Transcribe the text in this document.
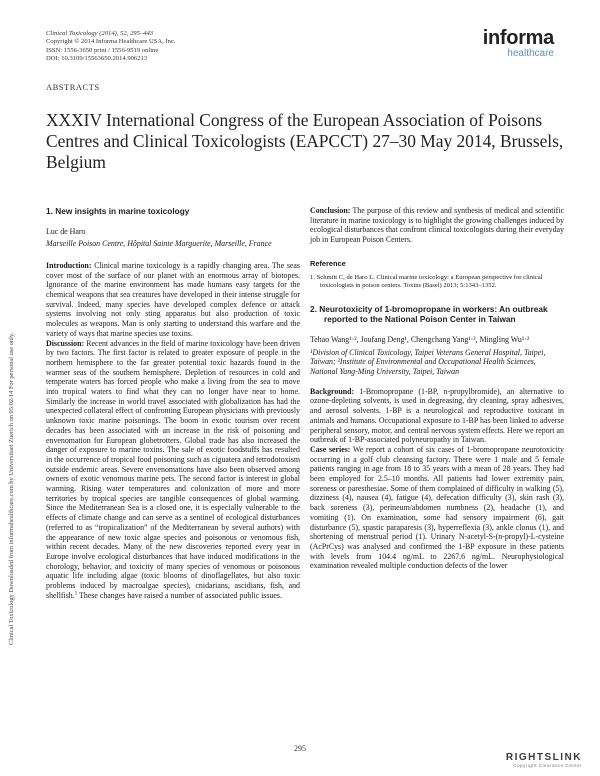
Clinical Toxicology (2014), 52, 295–443
Copyright © 2014 Informa Healthcare USA, Inc.
ISSN: 1556-3650 print / 1556-9519 online
DOI: 10.3109/15563650.2014.906213
informa
healthcare
ABSTRACTS
XXXIV International Congress of the European Association of Poisons Centres and Clinical Toxicologists (EAPCCT) 27–30 May 2014, Brussels, Belgium
Clinical Toxicology Downloaded from informahealthcare.com by Universitaet Zuerich on 05/02/14 For personal use only.
1. New insights in marine toxicology
Luc de Haro
Marseille Poison Centre, Hôpital Sainte Marguerite, Marseille, France

Introduction: Clinical marine toxicology is a rapidly changing area. The seas cover most of the surface of our planet with an enormous array of biotopes. Ignorance of the marine environment has made humans easy targets for the chemical weapons that sea creatures have developed in their intense struggle for survival. Indeed, many species have developed complex defence or attack systems involving not only sting apparatus but also production of toxic molecules as weapons. Man is only starting to understand this warfare and the variety of ways that marine species use toxins.

Discussion: Recent advances in the field of marine toxicology have been driven by two factors. The first factor is related to greater exposure of people in the northern hemisphere to the far greater potential toxic hazards found in the warmer seas of the southern hemisphere. Depletion of resources in cold and temperate waters has forced people who make a living from the sea to move into tropical waters to find what they can no longer have near to home. Similarly the increase in world travel associated with globalization has had the unexpected collateral effect of confronting European physicians with previously unknown toxic marine poisonings. The boom in exotic tourism over recent decades has been associated with an increase in the risk of poisoning and envenomation for European globetrotters. Global trade has also increased the danger of exposure to marine toxins. The sale of exotic foodstuffs has resulted in the occurrence of tropical food poisoning such as ciguatera and tetrodotoxism outside endemic areas. Severe envenomations have also been observed among owners of exotic venomous marine pets. The second factor is interest in global warming. Rising water temperatures and colonization of more and more territories by tropical species are tangible consequences of global warming. Since the Mediterranean Sea is a closed one, it is especially vulnerable to the effects of climate change and can serve as a sentinel of ecological disturbances (referred to as “tropicalization” of the Mediterranean by several authors) with the appearance of new toxic algae species and poisonous or venomous fish, within recent decades. Many of the new discoveries reported every year in Europe involve ecological disturbances that have induced modifications in the chorology, behavior, and toxicity of many species of venomous or poisonous aquatic life including algae (toxic blooms of dinoflagellates, but also toxic problems induced by macroalgae species), cnidarians, ascidians, fish, and shellfish.$^1$ These changes have raised a number of associated public issues.

Conclusion: The purpose of this review and synthesis of medical and scientific literature in marine toxicology is to highlight the growing challenges induced by ecological disturbances that confront clinical toxicologists during their everyday job in European Poison Centers.

Reference
1. Schmitt C, de Haro L. Clinical marine toxicology: a European perspective for clinical toxicologists in poison centers. Toxins (Basel) 2013; 5:1343–1352.
2. Neurotoxicity of 1-bromopropane in workers: An outbreak reported to the National Poison Center in Taiwan
Tehao Wang¹·², Joufang Deng¹, Chengchang Yang¹·², Mingling Wu¹·²
¹Division of Clinical Toxicology, Taipei Veterans General Hospital, Taipei, Taiwan; ²Institute of Environmental and Occupational Health Sciences, National Yang-Ming University, Taipei, Taiwan

Background: 1-Bromopropane (1-BP, n-propylbromide), an alternative to ozone-depleting solvents, is used in degreasing, dry cleaning, spray adhesives, and aerosol solvents. 1-BP is a neurological and reproductive toxicant in animals and humans. Occupational exposure to 1-BP has been linked to adverse peripheral sensory, motor, and central nervous system effects. Here we report an outbreak of 1-BP-associated polyneuropathy in Taiwan.

Case series: We report a cohort of six cases of 1-bromopropane neurotoxicity occurring in a golf club cleansing factory. There were 1 male and 5 female patients ranging in age from 18 to 35 years with a mean of 28 years. They had been employed for 2.5–10 months. All patients had lower extremity pain, soreness or paresthesiae. Some of them complained of difficulty in walking (5), dizziness (4), nausea (4), fatigue (4), defecation difficulty (3), skin rash (3), back soreness (3), perineum/abdomen numbness (2), headache (1), and vomiting (1). On examination, some had sensory impairment (6), gait disturbance (5), spastic paraparesis (3), hyperreflexia (3), ankle clonus (1), and shortening of menstrual period (1). Urinary N-acetyl-S-(n-propyl)-L-cysteine (AcPrCys) was analysed and confirmed the 1-BP exposure in these patients with levels from 104.4 ng/mL to 2267.6 ng/mL. Neurophysiological examination revealed multiple conduction defects of the lower

295
RIGHTSLINK
Copyright Clearance Center
